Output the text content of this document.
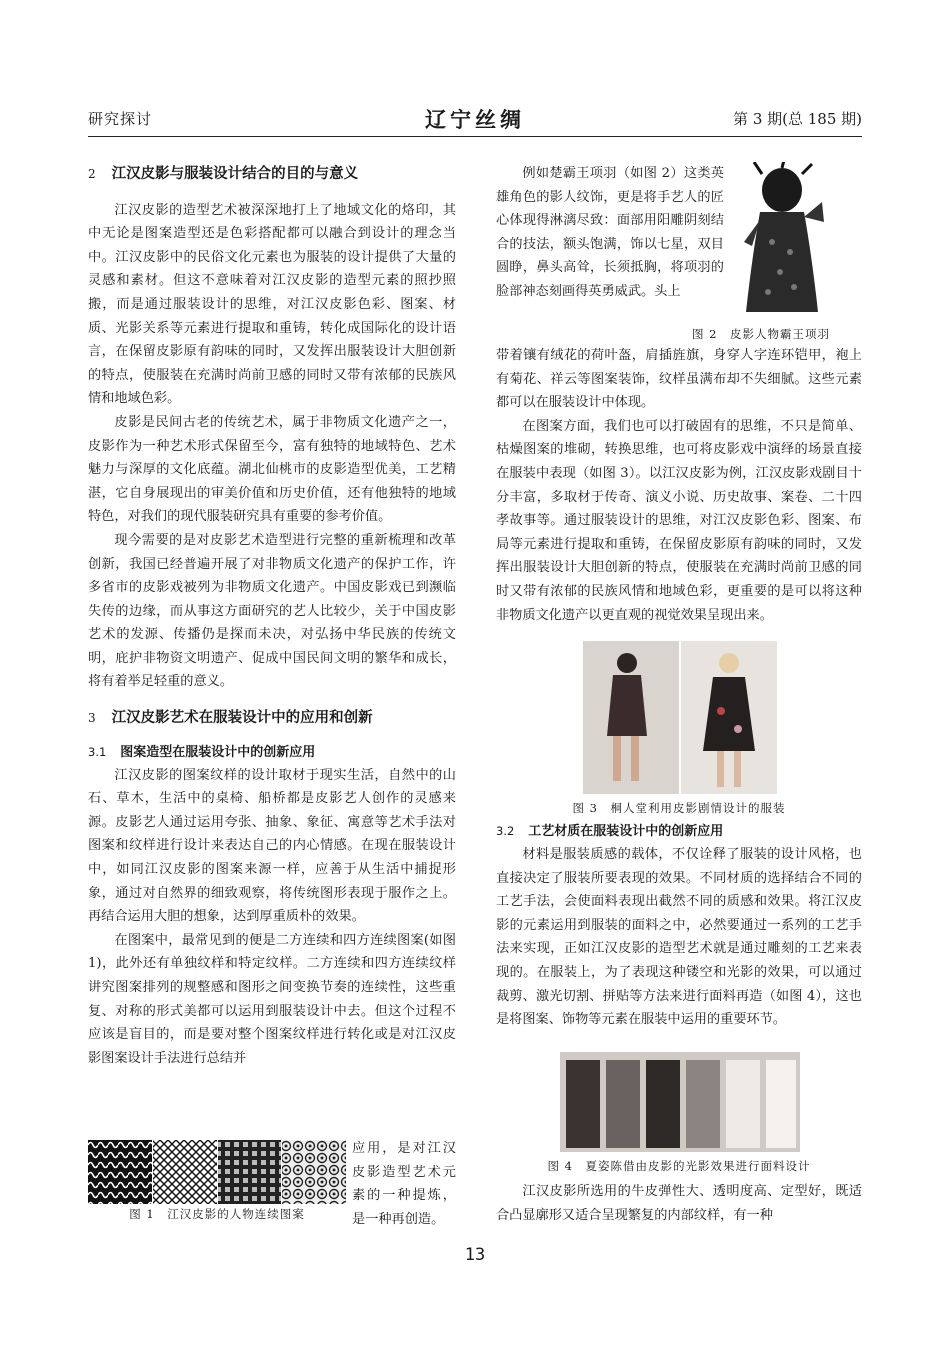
研究探讨	辽宁丝绸	第 3 期(总 185 期)

2 江汉皮影与服装设计结合的目的与意义

江汉皮影的造型艺术被深深地打上了地域文化的烙印，其中无论是图案造型还是色彩搭配都可以融合到设计的理念当中。江汉皮影中的民俗文化元素也为服装的设计提供了大量的灵感和素材。但这不意味着对江汉皮影的造型元素的照抄照搬，而是通过服装设计的思维，对江汉皮影色彩、图案、材质、光影关系等元素进行提取和重铸，转化成国际化的设计语言，在保留皮影原有韵味的同时，又发挥出服装设计大胆创新的特点，使服装在充满时尚前卫感的同时又带有浓郁的民族风情和地域色彩。

皮影是民间古老的传统艺术，属于非物质文化遗产之一，皮影作为一种艺术形式保留至今，富有独特的地域特色、艺术魅力与深厚的文化底蕴。湖北仙桃市的皮影造型优美，工艺精湛，它自身展现出的审美价值和历史价值，还有他独特的地域特色，对我们的现代服装研究具有重要的参考价值。

现今需要的是对皮影艺术造型进行完整的重新梳理和改革创新，我国已经普遍开展了对非物质文化遗产的保护工作，许多省市的皮影戏被列为非物质文化遗产。中国皮影戏已到濒临失传的边缘，而从事这方面研究的艺人比较少，关于中国皮影艺术的发源、传播仍是探而未决，对弘扬中华民族的传统文明，庇护非物资文明遗产、促成中国民间文明的繁华和成长，将有着举足轻重的意义。

3 江汉皮影艺术在服装设计中的应用和创新

3.1 图案造型在服装设计中的创新应用

江汉皮影的图案纹样的设计取材于现实生活，自然中的山石、草木，生活中的桌椅、船桥都是皮影艺人创作的灵感来源。皮影艺人通过运用夸张、抽象、象征、寓意等艺术手法对图案和纹样进行设计来表达自己的内心情感。在现在服装设计中，如同江汉皮影的图案来源一样，应善于从生活中捕捉形象，通过对自然界的细致观察，将传统图形表现于服作之上。再结合运用大胆的想象，达到厚重质朴的效果。

在图案中，最常见到的便是二方连续和四方连续图案(如图 1)，此外还有单独纹样和特定纹样。二方连续和四方连续纹样讲究图案排列的规整感和图形之间变换节奏的连续性，这些重复、对称的形式美都可以运用到服装设计中去。但这个过程不应该是盲目的，而是要对整个图案纹样进行转化或是对江汉皮影图案设计手法进行总结并

应用，是对江汉皮影造型艺术元素的一种提炼，是一种再创造。

图 1　江汉皮影的人物连续图案

例如楚霸王项羽（如图 2）这类英雄角色的影人纹饰，更是将手艺人的匠心体现得淋漓尽致：面部用阳雕阴刻结合的技法，额头饱满，饰以七星，双目圆睁，鼻头高耸，长须抵胸，将项羽的脸部神态刻画得英勇威武。头上

图 2　皮影人物霸王项羽

带着镶有绒花的荷叶盔，肩插旌旗，身穿人字连环铠甲，袍上有菊花、祥云等图案装饰，纹样虽满布却不失细腻。这些元素都可以在服装设计中体现。

在图案方面，我们也可以打破固有的思维，不只是简单、枯燥图案的堆砌，转换思维，也可将皮影戏中演绎的场景直接在服装中表现（如图 3）。以江汉皮影为例，江汉皮影戏剧目十分丰富，多取材于传奇、演义小说、历史故事、案卷、二十四孝故事等。通过服装设计的思维，对江汉皮影色彩、图案、布局等元素进行提取和重铸，在保留皮影原有韵味的同时，又发挥出服装设计大胆创新的特点，使服装在充满时尚前卫感的同时又带有浓郁的民族风情和地域色彩，更重要的是可以将这种非物质文化遗产以更直观的视觉效果呈现出来。

图 3　桐人堂利用皮影剧情设计的服装

3.2 工艺材质在服装设计中的创新应用

材料是服装质感的载体，不仅诠释了服装的设计风格，也直接决定了服装所要表现的效果。不同材质的选择结合不同的工艺手法，会使面料表现出截然不同的质感和效果。将江汉皮影的元素运用到服装的面料之中，必然要通过一系列的工艺手法来实现，正如江汉皮影的造型艺术就是通过雕刻的工艺来表现的。在服装上，为了表现这种镂空和光影的效果，可以通过裁剪、激光切割、拼贴等方法来进行面料再造（如图 4），这也是将图案、饰物等元素在服装中运用的重要环节。

图 4　夏姿陈借由皮影的光影效果进行面料设计

江汉皮影所选用的牛皮弹性大、透明度高、定型好，既适合凸显廓形又适合呈现繁复的内部纹样，有一种

13
